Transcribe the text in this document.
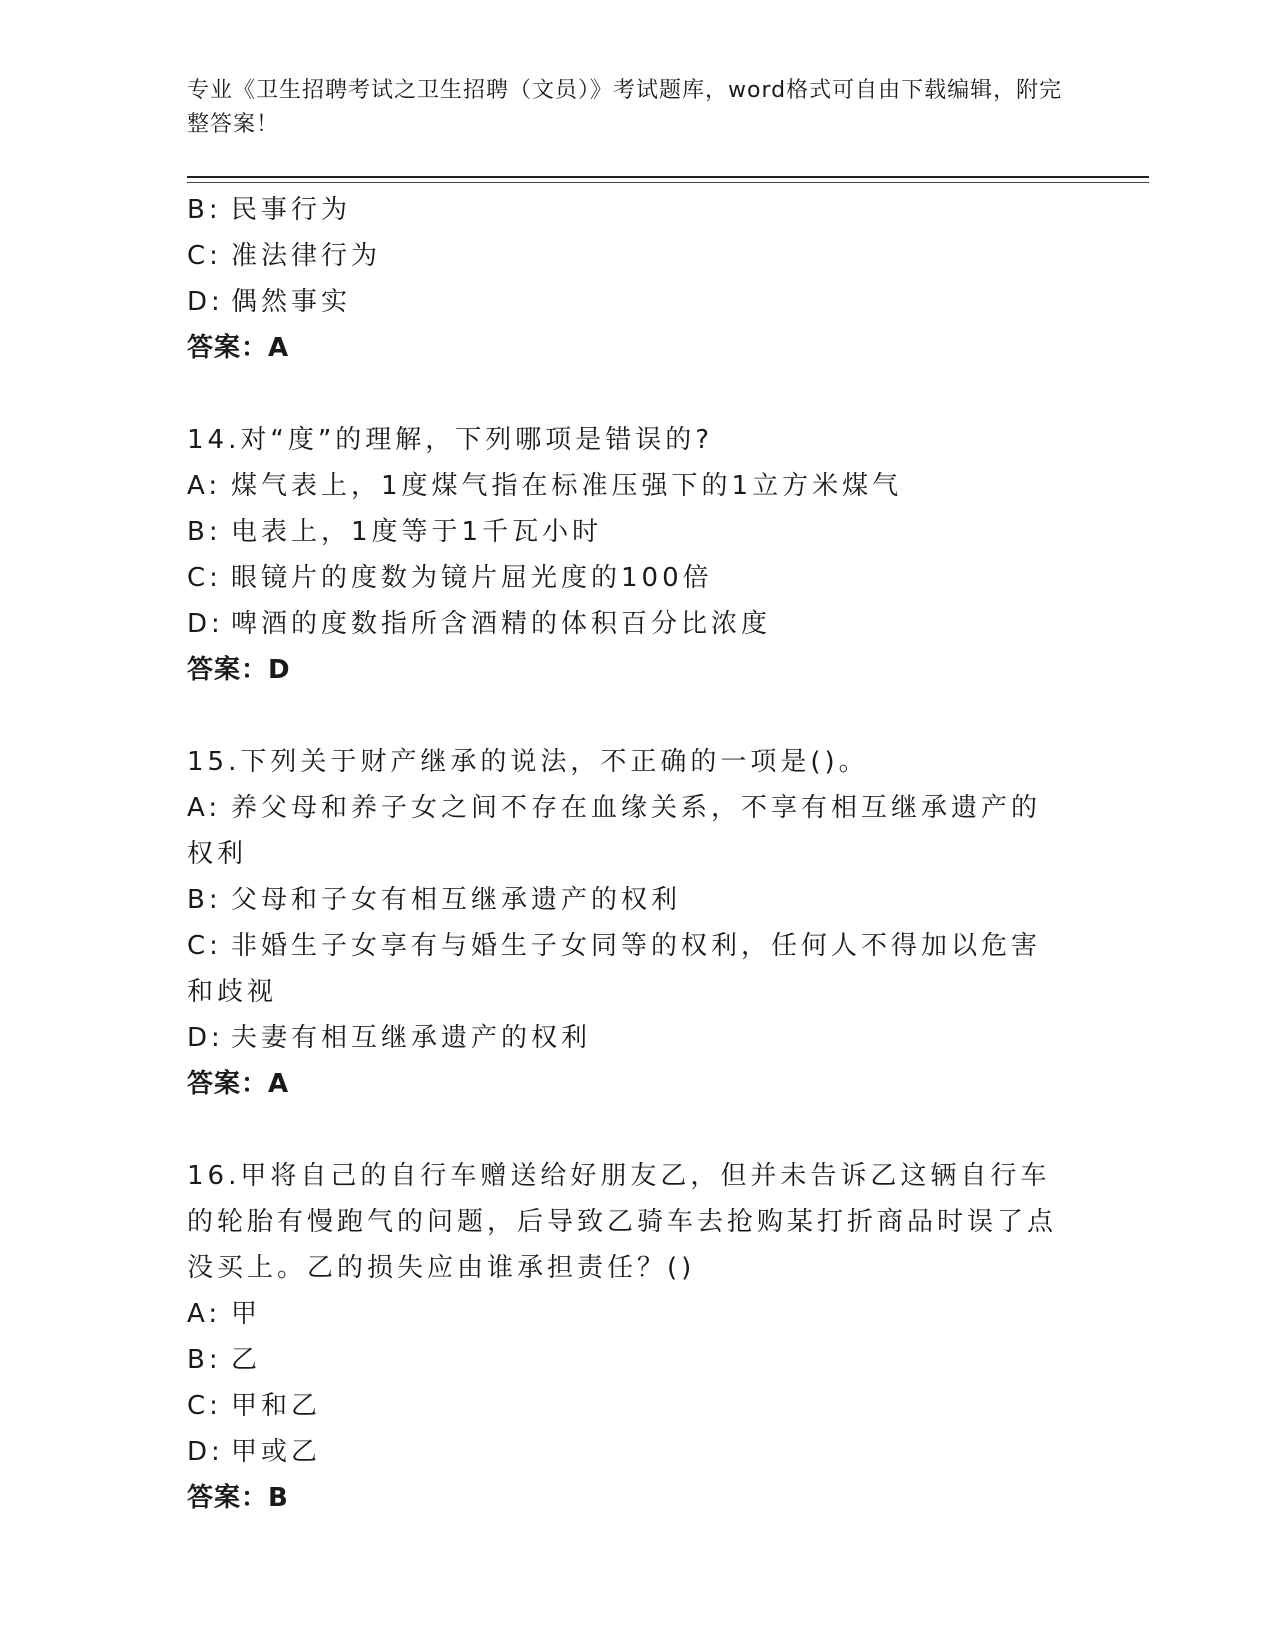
专业《卫生招聘考试之卫生招聘（文员）》考试题库，word格式可自由下载编辑，附完整答案！

B: 民事行为

C: 准法律行为

D: 偶然事实

答案：A

14.对“度”的理解，下列哪项是错误的?

A: 煤气表上，1度煤气指在标准压强下的1立方米煤气

B: 电表上，1度等于1千瓦小时

C: 眼镜片的度数为镜片屈光度的100倍

D: 啤酒的度数指所含酒精的体积百分比浓度

答案：D

15.下列关于财产继承的说法，不正确的一项是()。

A: 养父母和养子女之间不存在血缘关系，不享有相互继承遗产的权利

B: 父母和子女有相互继承遗产的权利

C: 非婚生子女享有与婚生子女同等的权利，任何人不得加以危害和歧视

D: 夫妻有相互继承遗产的权利

答案：A

16.甲将自己的自行车赠送给好朋友乙，但并未告诉乙这辆自行车的轮胎有慢跑气的问题，后导致乙骑车去抢购某打折商品时误了点没买上。乙的损失应由谁承担责任？()

A: 甲

B: 乙

C: 甲和乙

D: 甲或乙

答案：B
